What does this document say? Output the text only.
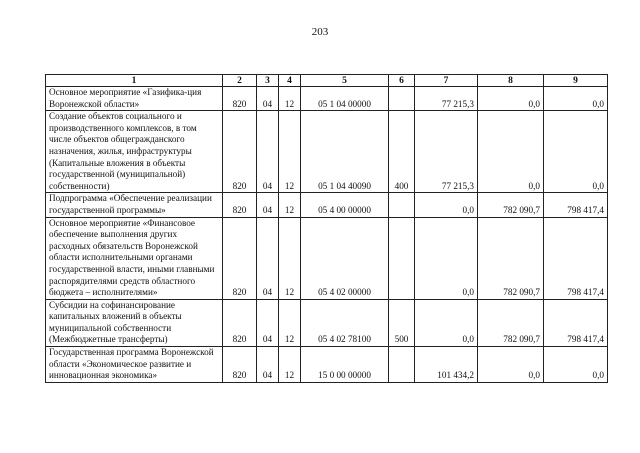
203
1	2	3	4	5	6	7	8	9
Основное мероприятие «Газифика-ция Воронежской области»	820	04	12	05 1 04 00000		77 215,3	0,0	0,0
Создание объектов социального и производственного комплексов, в том числе объектов общегражданского назначения, жилья, инфраструктуры (Капитальные вложения в объекты государственной (муниципальной) собственности)	820	04	12	05 1 04 40090	400	77 215,3	0,0	0,0
Подпрограмма «Обеспечение реализации государственной программы»	820	04	12	05 4 00 00000		0,0	782 090,7	798 417,4
Основное мероприятие «Финансовое обеспечение выполнения других расходных обязательств Воронежской области исполнительными органами государственной власти, иными главными распорядителями средств областного бюджета – исполнителями»	820	04	12	05 4 02 00000		0,0	782 090,7	798 417,4
Субсидии на софинансирование капитальных вложений в объекты муниципальной собственности (Межбюджетные трансферты)	820	04	12	05 4 02 78100	500	0,0	782 090,7	798 417,4
Государственная программа Воронежской области «Экономическое развитие и инновационная экономика»	820	04	12	15 0 00 00000		101 434,2	0,0	0,0
